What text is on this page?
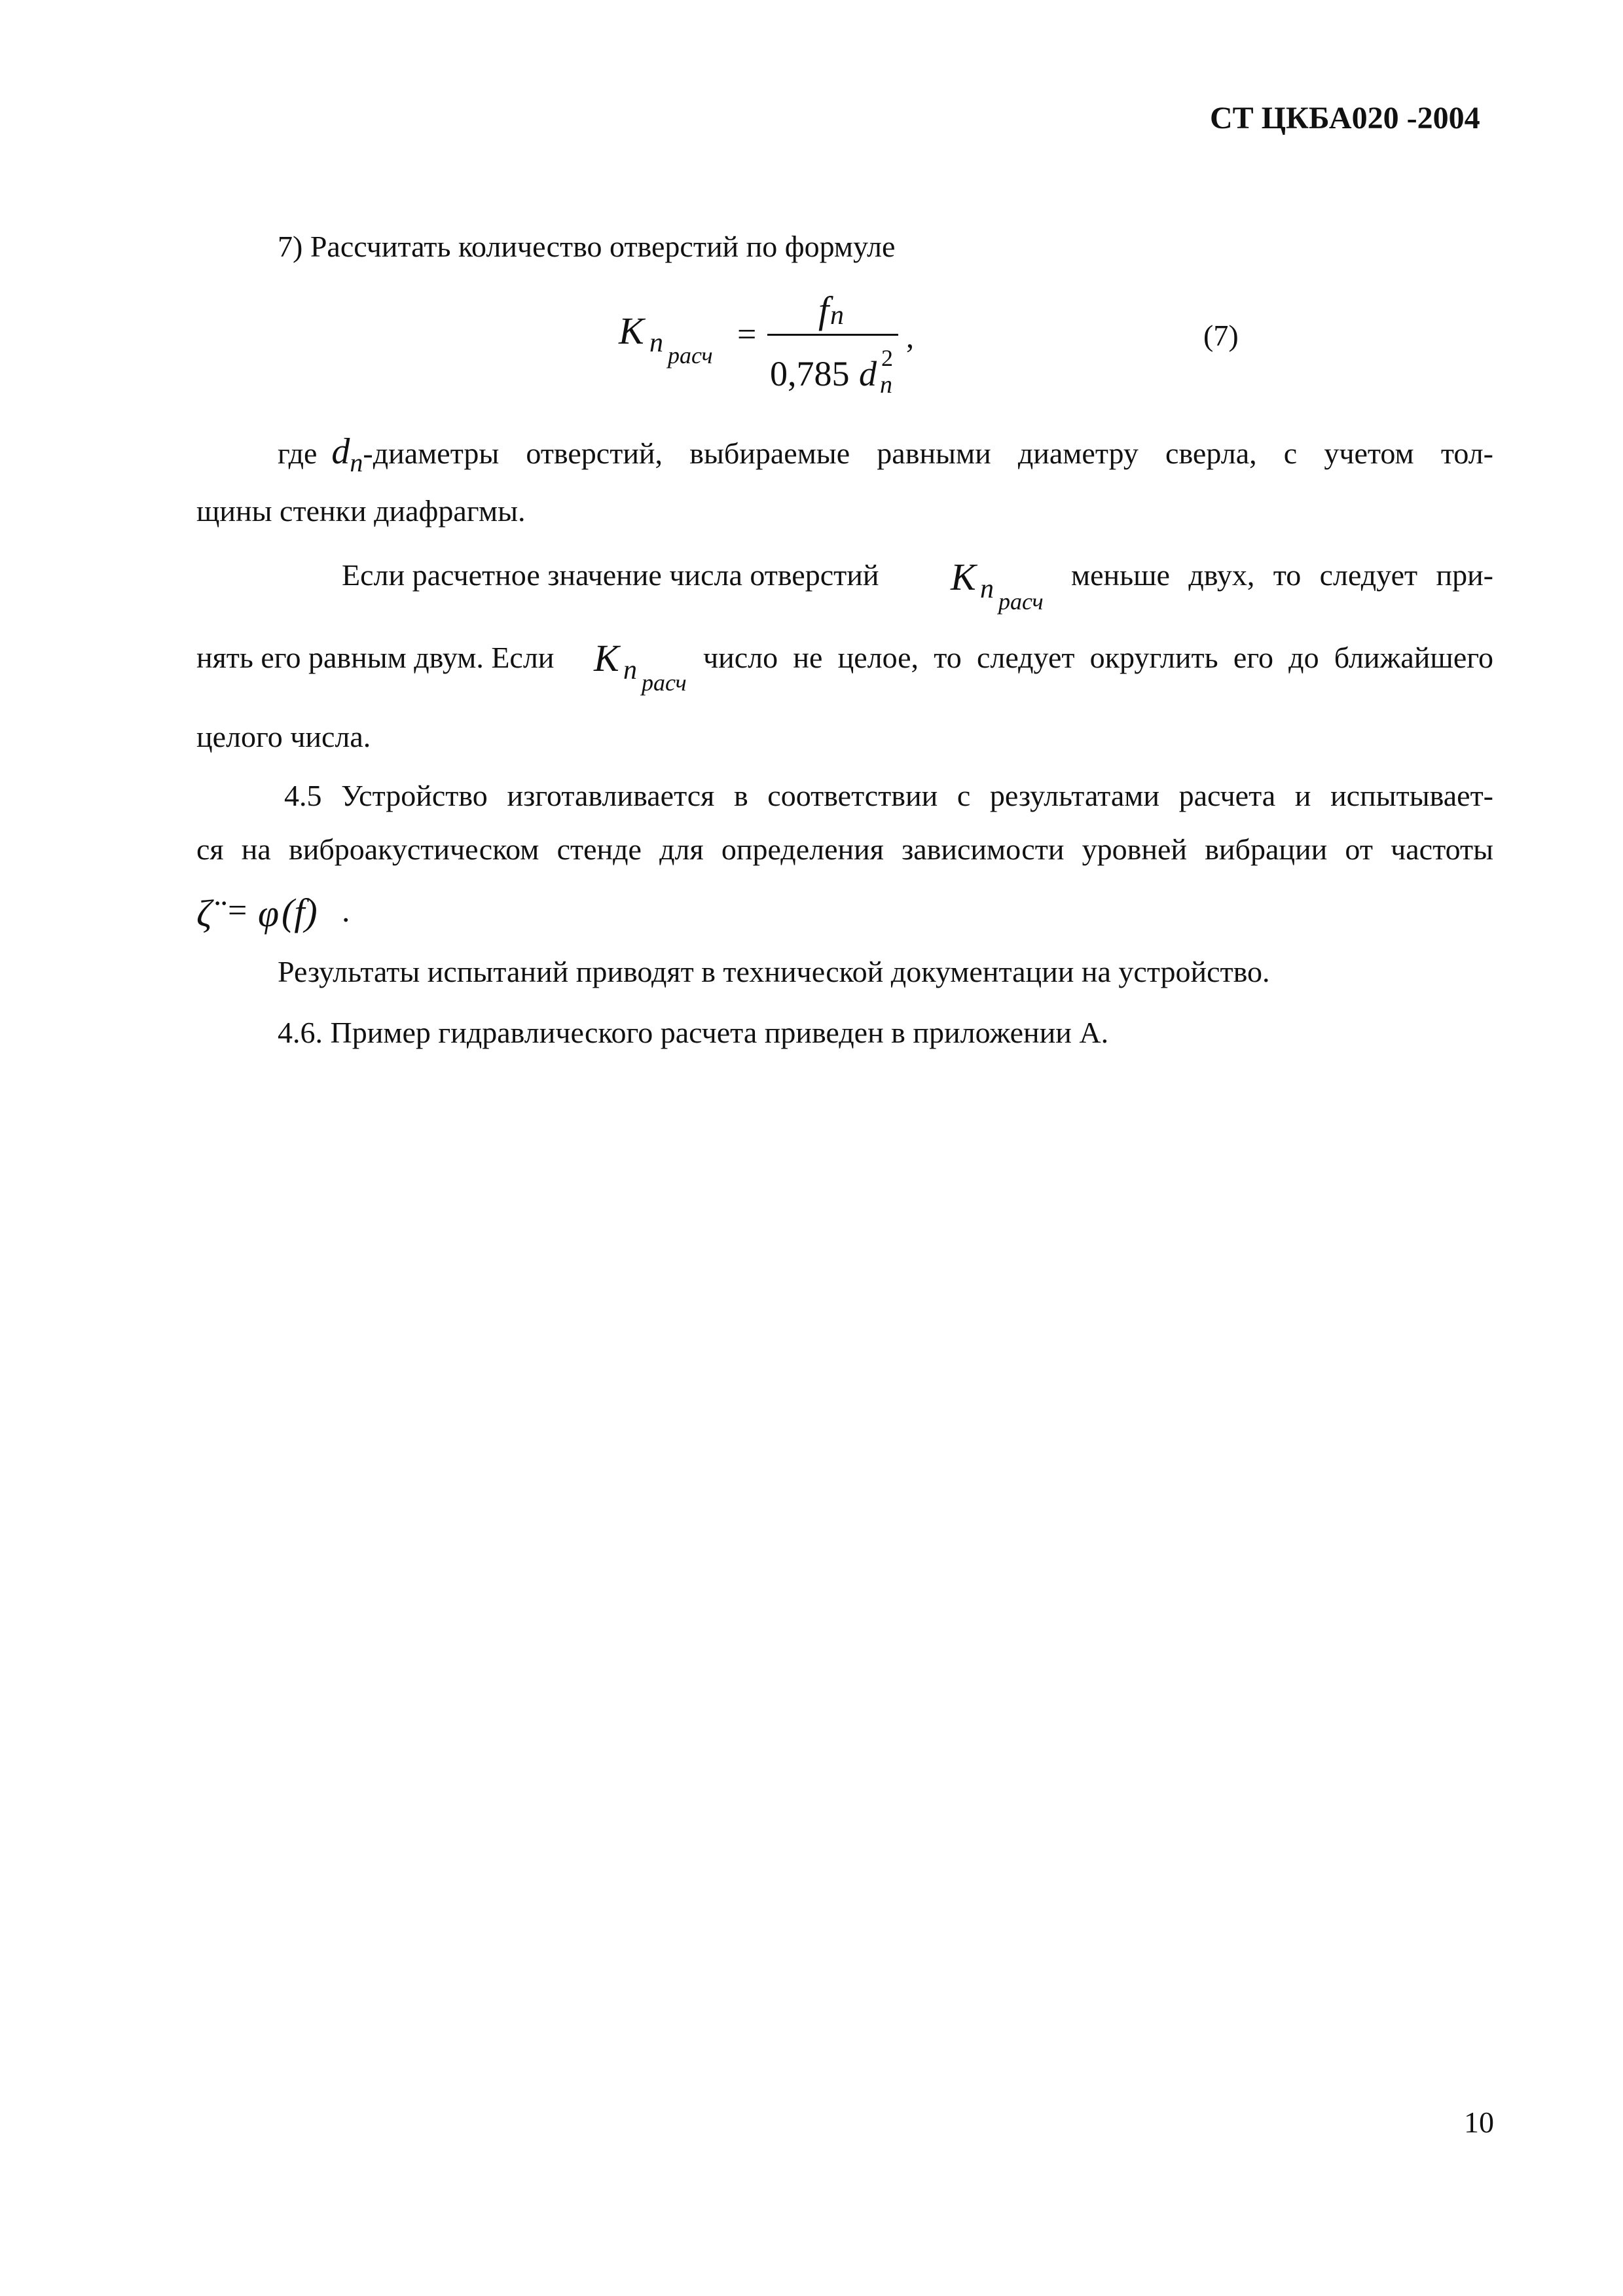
СТ ЦКБА020 -2004
7) Рассчитать количество отверстий по формуле
K n расч
=
f n
0,785 d 2
n
,	(7)
где d n -диаметры отверстий, выбираемые равными диаметру сверла, с учетом тол-
щины стенки диафрагмы.
Если расчетное значение числа отверстий K n расч
меньше двух, то следует при-
нять его равным двум. Если K n расч
число не целое, то следует округлить его до ближайшего
целого числа.
4.5 Устройство изготавливается в соответствии с результатами расчета и испытывает-
ся на виброакустическом стенде для определения зависимости уровней вибрации от частоты
ζ̈ = φ (f) .
Результаты испытаний приводят в технической документации на устройство.
4.6. Пример гидравлического расчета приведен в приложении А.
10
